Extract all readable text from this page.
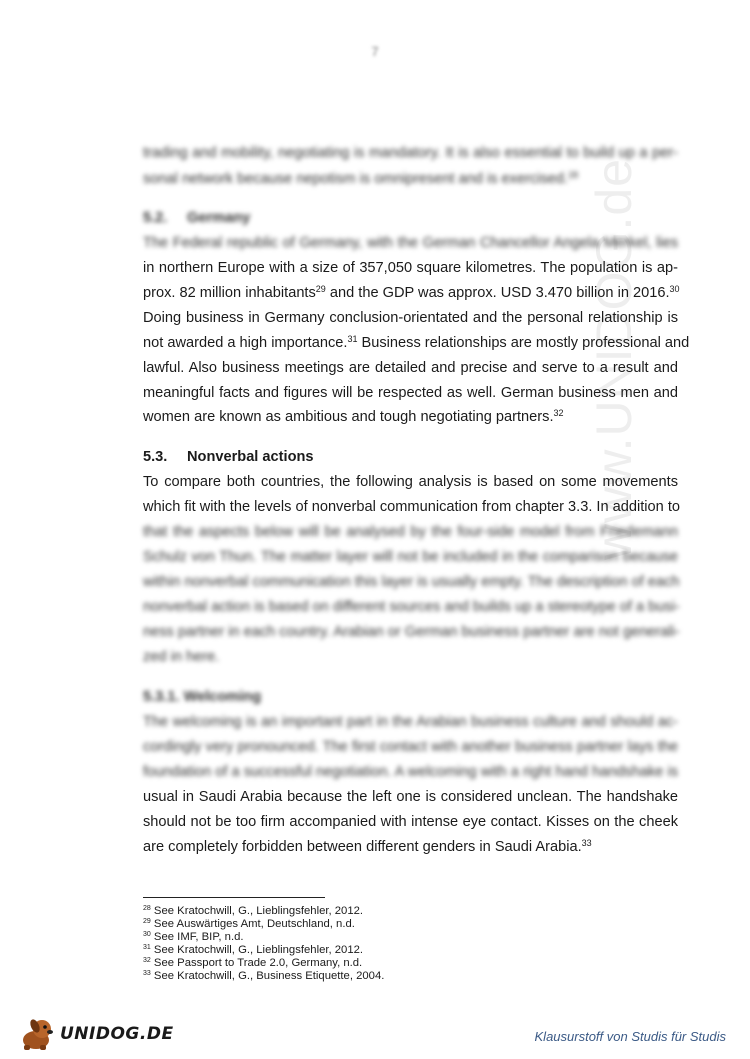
7
www.UNIDOG.de
trading and mobility, negotiating is mandatory. It is also essential to build up a per-
sonal network because nepotism is omnipresent and is exercised.$^{28}$
5.2. Germany
The Federal republic of Germany, with the German Chancellor Angela Merkel, lies
in northern Europe with a size of 357,050 square kilometres. The population is ap-
prox. 82 million inhabitants$^{29}$ and the GDP was approx. USD 3.470 billion in 2016.30
Doing business in Germany conclusion-orientated and the personal relationship is
not awarded a high importance.$^{31}$ Business relationships are mostly professional and
lawful. Also business meetings are detailed and precise and serve to a result and
meaningful facts and figures will be respected as well. German business men and
women are known as ambitious and tough negotiating partners.$^{32}$
5.3. Nonverbal actions
To compare both countries, the following analysis is based on some movements
which fit with the levels of nonverbal communication from chapter 3.3. In addition to
that the aspects below will be analysed by the four-side model from Friedemann
Schulz von Thun. The matter layer will not be included in the comparison because
within nonverbal communication this layer is usually empty. The description of each
nonverbal action is based on different sources and builds up a stereotype of a busi-
ness partner in each country. Arabian or German business partner are not generali-
zed in here.
5.3.1. Welcoming
The welcoming is an important part in the Arabian business culture and should ac-
cordingly very pronounced. The first contact with another business partner lays the
foundation of a successful negotiation. A welcoming with a right hand handshake is
usual in Saudi Arabia because the left one is considered unclean. The handshake
should not be too firm accompanied with intense eye contact. Kisses on the cheek
are completely forbidden between different genders in Saudi Arabia.$^{33}$
$^{28}$ See Kratochwill, G., Lieblingsfehler, 2012.
$^{29}$ See Auswärtiges Amt, Deutschland, n.d.
$^{30}$ See IMF, BIP, n.d.
$^{31}$ See Kratochwill, G., Lieblingsfehler, 2012.
$^{32}$ See Passport to Trade 2.0, Germany, n.d.
$^{33}$ See Kratochwill, G., Business Etiquette, 2004.
UNIDOG.DE	Klausurstoff von Studis für Studis
